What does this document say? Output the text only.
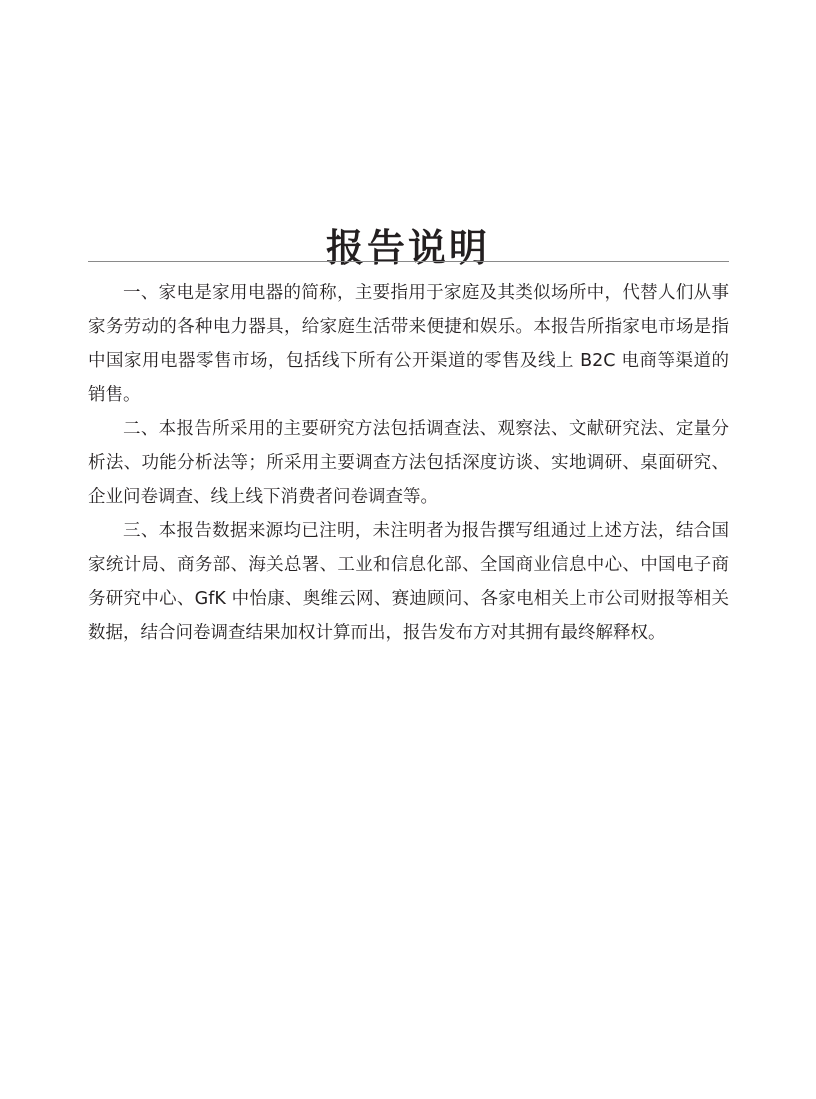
报告说明

一、家电是家用电器的简称，主要指用于家庭及其类似场所中，代替人们从事家务劳动的各种电力器具，给家庭生活带来便捷和娱乐。本报告所指家电市场是指中国家用电器零售市场，包括线下所有公开渠道的零售及线上 B2C 电商等渠道的销售。

二、本报告所采用的主要研究方法包括调查法、观察法、文献研究法、定量分析法、功能分析法等；所采用主要调查方法包括深度访谈、实地调研、桌面研究、企业问卷调查、线上线下消费者问卷调查等。

三、本报告数据来源均已注明，未注明者为报告撰写组通过上述方法，结合国家统计局、商务部、海关总署、工业和信息化部、全国商业信息中心、中国电子商务研究中心、GfK 中怡康、奥维云网、赛迪顾问、各家电相关上市公司财报等相关数据，结合问卷调查结果加权计算而出，报告发布方对其拥有最终解释权。
